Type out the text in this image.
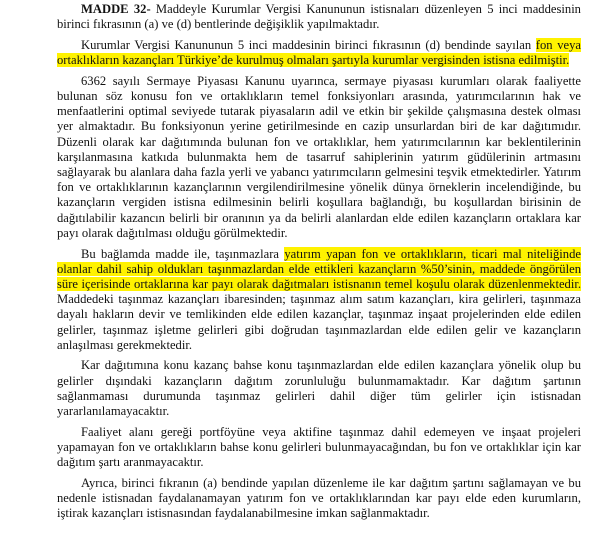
MADDE 32- Maddeyle Kurumlar Vergisi Kanununun istisnaları düzenleyen 5 inci maddesinin birinci fıkrasının (a) ve (d) bentlerinde değişiklik yapılmaktadır.

Kurumlar Vergisi Kanununun 5 inci maddesinin birinci fıkrasının (d) bendinde sayılan fon veya ortaklıkların kazançları Türkiye’de kurulmuş olmaları şartıyla kurumlar vergisinden istisna edilmiştir.

6362 sayılı Sermaye Piyasası Kanunu uyarınca, sermaye piyasası kurumları olarak faaliyette bulunan söz konusu fon ve ortaklıkların temel fonksiyonları arasında, yatırımcılarının hak ve menfaatlerini optimal seviyede tutarak piyasaların adil ve etkin bir şekilde çalışmasına destek olması yer almaktadır. Bu fonksiyonun yerine getirilmesinde en cazip unsurlardan biri de kar dağıtımıdır. Düzenli olarak kar dağıtımında bulunan fon ve ortaklıklar, hem yatırımcılarının kar beklentilerinin karşılanmasına katkıda bulunmakta hem de tasarruf sahiplerinin yatırım güdülerinin artmasını sağlayarak bu alanlara daha fazla yerli ve yabancı yatırımcıların gelmesini teşvik etmektedirler. Yatırım fon ve ortaklıklarının kazançlarının vergilendirilmesine yönelik dünya örneklerin incelendiğinde, bu kazançların vergiden istisna edilmesinin belirli koşullara bağlandığı, bu koşullardan birisinin de dağıtılabilir kazancın belirli bir oranının ya da belirli alanlardan elde edilen kazançların ortaklara kar payı olarak dağıtılması olduğu görülmektedir.

Bu bağlamda madde ile, taşınmazlara yatırım yapan fon ve ortaklıkların, ticari mal niteliğinde olanlar dahil sahip oldukları taşınmazlardan elde ettikleri kazançların %50’sinin, maddede öngörülen süre içerisinde ortaklarına kar payı olarak dağıtmaları istisnanın temel koşulu olarak düzenlenmektedir. Maddedeki taşınmaz kazançları ibaresinden; taşınmaz alım satım kazançları, kira gelirleri, taşınmaza dayalı hakların devir ve temlikinden elde edilen kazançlar, taşınmaz inşaat projelerinden elde edilen gelirler, taşınmaz işletme gelirleri gibi doğrudan taşınmazlardan elde edilen gelir ve kazançların anlaşılması gerekmektedir.

Kar dağıtımına konu kazanç bahse konu taşınmazlardan elde edilen kazançlara yönelik olup bu gelirler dışındaki kazançların dağıtım zorunluluğu bulunmamaktadır. Kar dağıtım şartının sağlanmaması durumunda taşınmaz gelirleri dahil diğer tüm gelirler için istisnadan yararlanılamayacaktır.

Faaliyet alanı gereği portföyüne veya aktifine taşınmaz dahil edemeyen ve inşaat projeleri yapamayan fon ve ortaklıkların bahse konu gelirleri bulunmayacağından, bu fon ve ortaklıklar için kar dağıtım şartı aranmayacaktır.

Ayrıca, birinci fıkranın (a) bendinde yapılan düzenleme ile kar dağıtım şartını sağlamayan ve bu nedenle istisnadan faydalanamayan yatırım fon ve ortaklıklarından kar payı elde eden kurumların, iştirak kazançları istisnasından faydalanabilmesine imkan sağlanmaktadır.
